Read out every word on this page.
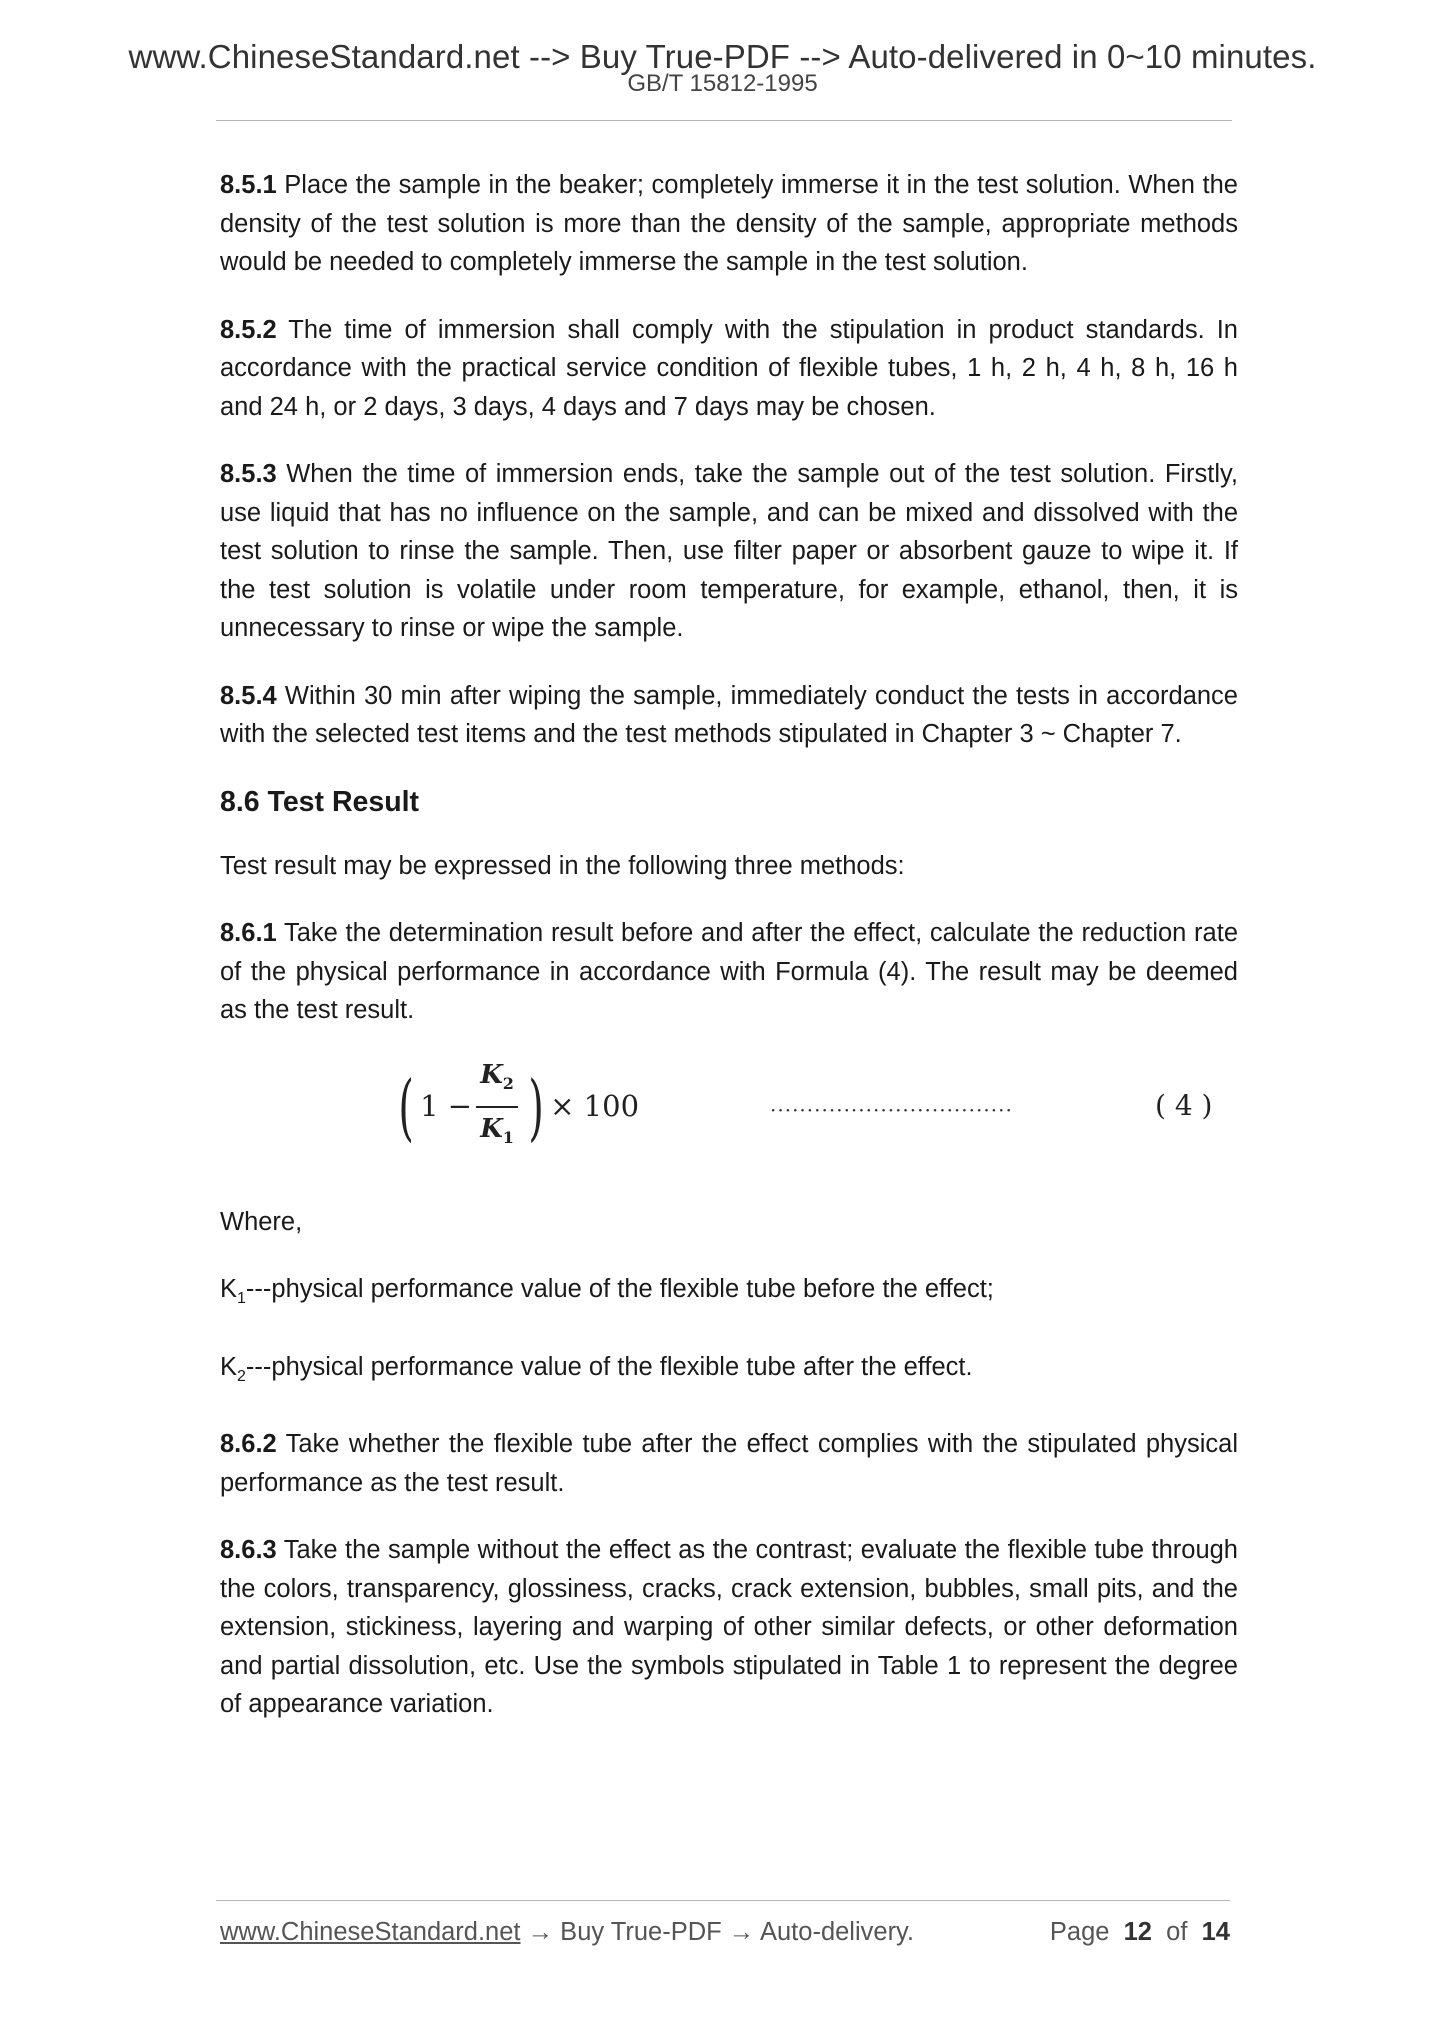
www.ChineseStandard.net --> Buy True-PDF --> Auto-delivered in 0~10 minutes.
GB/T 15812-1995

8.5.1 Place the sample in the beaker; completely immerse it in the test solution. When the density of the test solution is more than the density of the sample, appropriate methods would be needed to completely immerse the sample in the test solution.

8.5.2 The time of immersion shall comply with the stipulation in product standards. In accordance with the practical service condition of flexible tubes, 1 h, 2 h, 4 h, 8 h, 16 h and 24 h, or 2 days, 3 days, 4 days and 7 days may be chosen.

8.5.3 When the time of immersion ends, take the sample out of the test solution. Firstly, use liquid that has no influence on the sample, and can be mixed and dissolved with the test solution to rinse the sample. Then, use filter paper or absorbent gauze to wipe it. If the test solution is volatile under room temperature, for example, ethanol, then, it is unnecessary to rinse or wipe the sample.

8.5.4 Within 30 min after wiping the sample, immediately conduct the tests in accordance with the selected test items and the test methods stipulated in Chapter 3 ~ Chapter 7.

8.6 Test Result

Test result may be expressed in the following three methods:

8.6.1 Take the determination result before and after the effect, calculate the reduction rate of the physical performance in accordance with Formula (4). The result may be deemed as the test result.

( $1 - \frac{K_2}{K_1}$ ) × 100	·································	( 4 )

Where,

$K_1--$-physical performance value of the flexible tube before the effect;

$K_2--$-physical performance value of the flexible tube after the effect.

8.6.2 Take whether the flexible tube after the effect complies with the stipulated physical performance as the test result.

8.6.3 Take the sample without the effect as the contrast; evaluate the flexible tube through the colors, transparency, glossiness, cracks, crack extension, bubbles, small pits, and the extension, stickiness, layering and warping of other similar defects, or other deformation and partial dissolution, etc. Use the symbols stipulated in Table 1 to represent the degree of appearance variation.

www.ChineseStandard.net → Buy True-PDF → Auto-delivery.	Page 12 of 14
